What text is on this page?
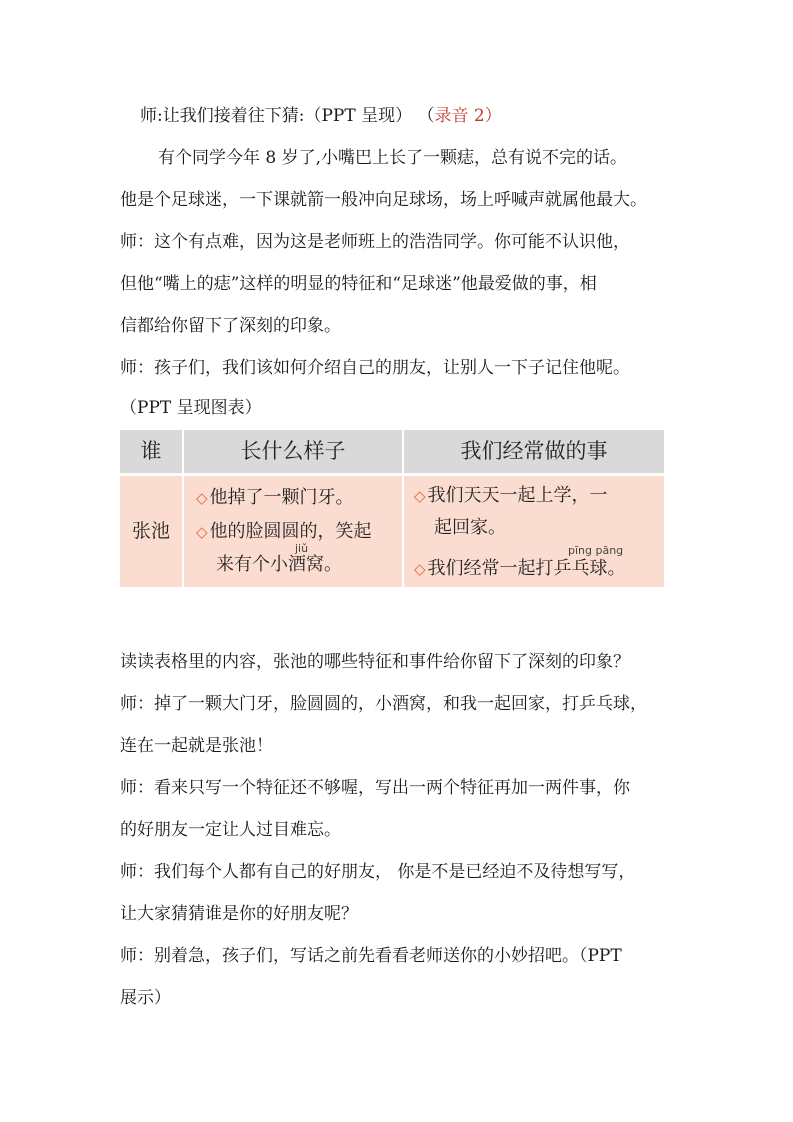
师:让我们接着往下猜:（PPT 呈现） （录音 2）
有个同学今年 8 岁了,小嘴巴上长了一颗痣，总有说不完的话。
他是个足球迷，一下课就箭一般冲向足球场，场上呼喊声就属他最大。
师：这个有点难，因为这是老师班上的浩浩同学。你可能不认识他，
但他“嘴上的痣”这样的明显的特征和“足球迷”他最爱做的事，相
信都给你留下了深刻的印象。
师：孩子们，我们该如何介绍自己的朋友，让别人一下子记住他呢。
（PPT 呈现图表）
谁	长什么样子	我们经常做的事
张池
◇ 他掉了一颗门牙。
◇ 他的脸圆圆的，笑起
jiǔ
来有个小酒窝。
◇ 我们天天一起上学，一
起回家。
pīng pāng
◇ 我们经常一起打乒乓球。
读读表格里的内容，张池的哪些特征和事件给你留下了深刻的印象？
师：掉了一颗大门牙，脸圆圆的，小酒窝，和我一起回家，打乒乓球，
连在一起就是张池！
师：看来只写一个特征还不够喔，写出一两个特征再加一两件事，你
的好朋友一定让人过目难忘。
师：我们每个人都有自己的好朋友， 你是不是已经迫不及待想写写，
让大家猜猜谁是你的好朋友呢？
师：别着急，孩子们，写话之前先看看老师送你的小妙招吧。（PPT
展示）
